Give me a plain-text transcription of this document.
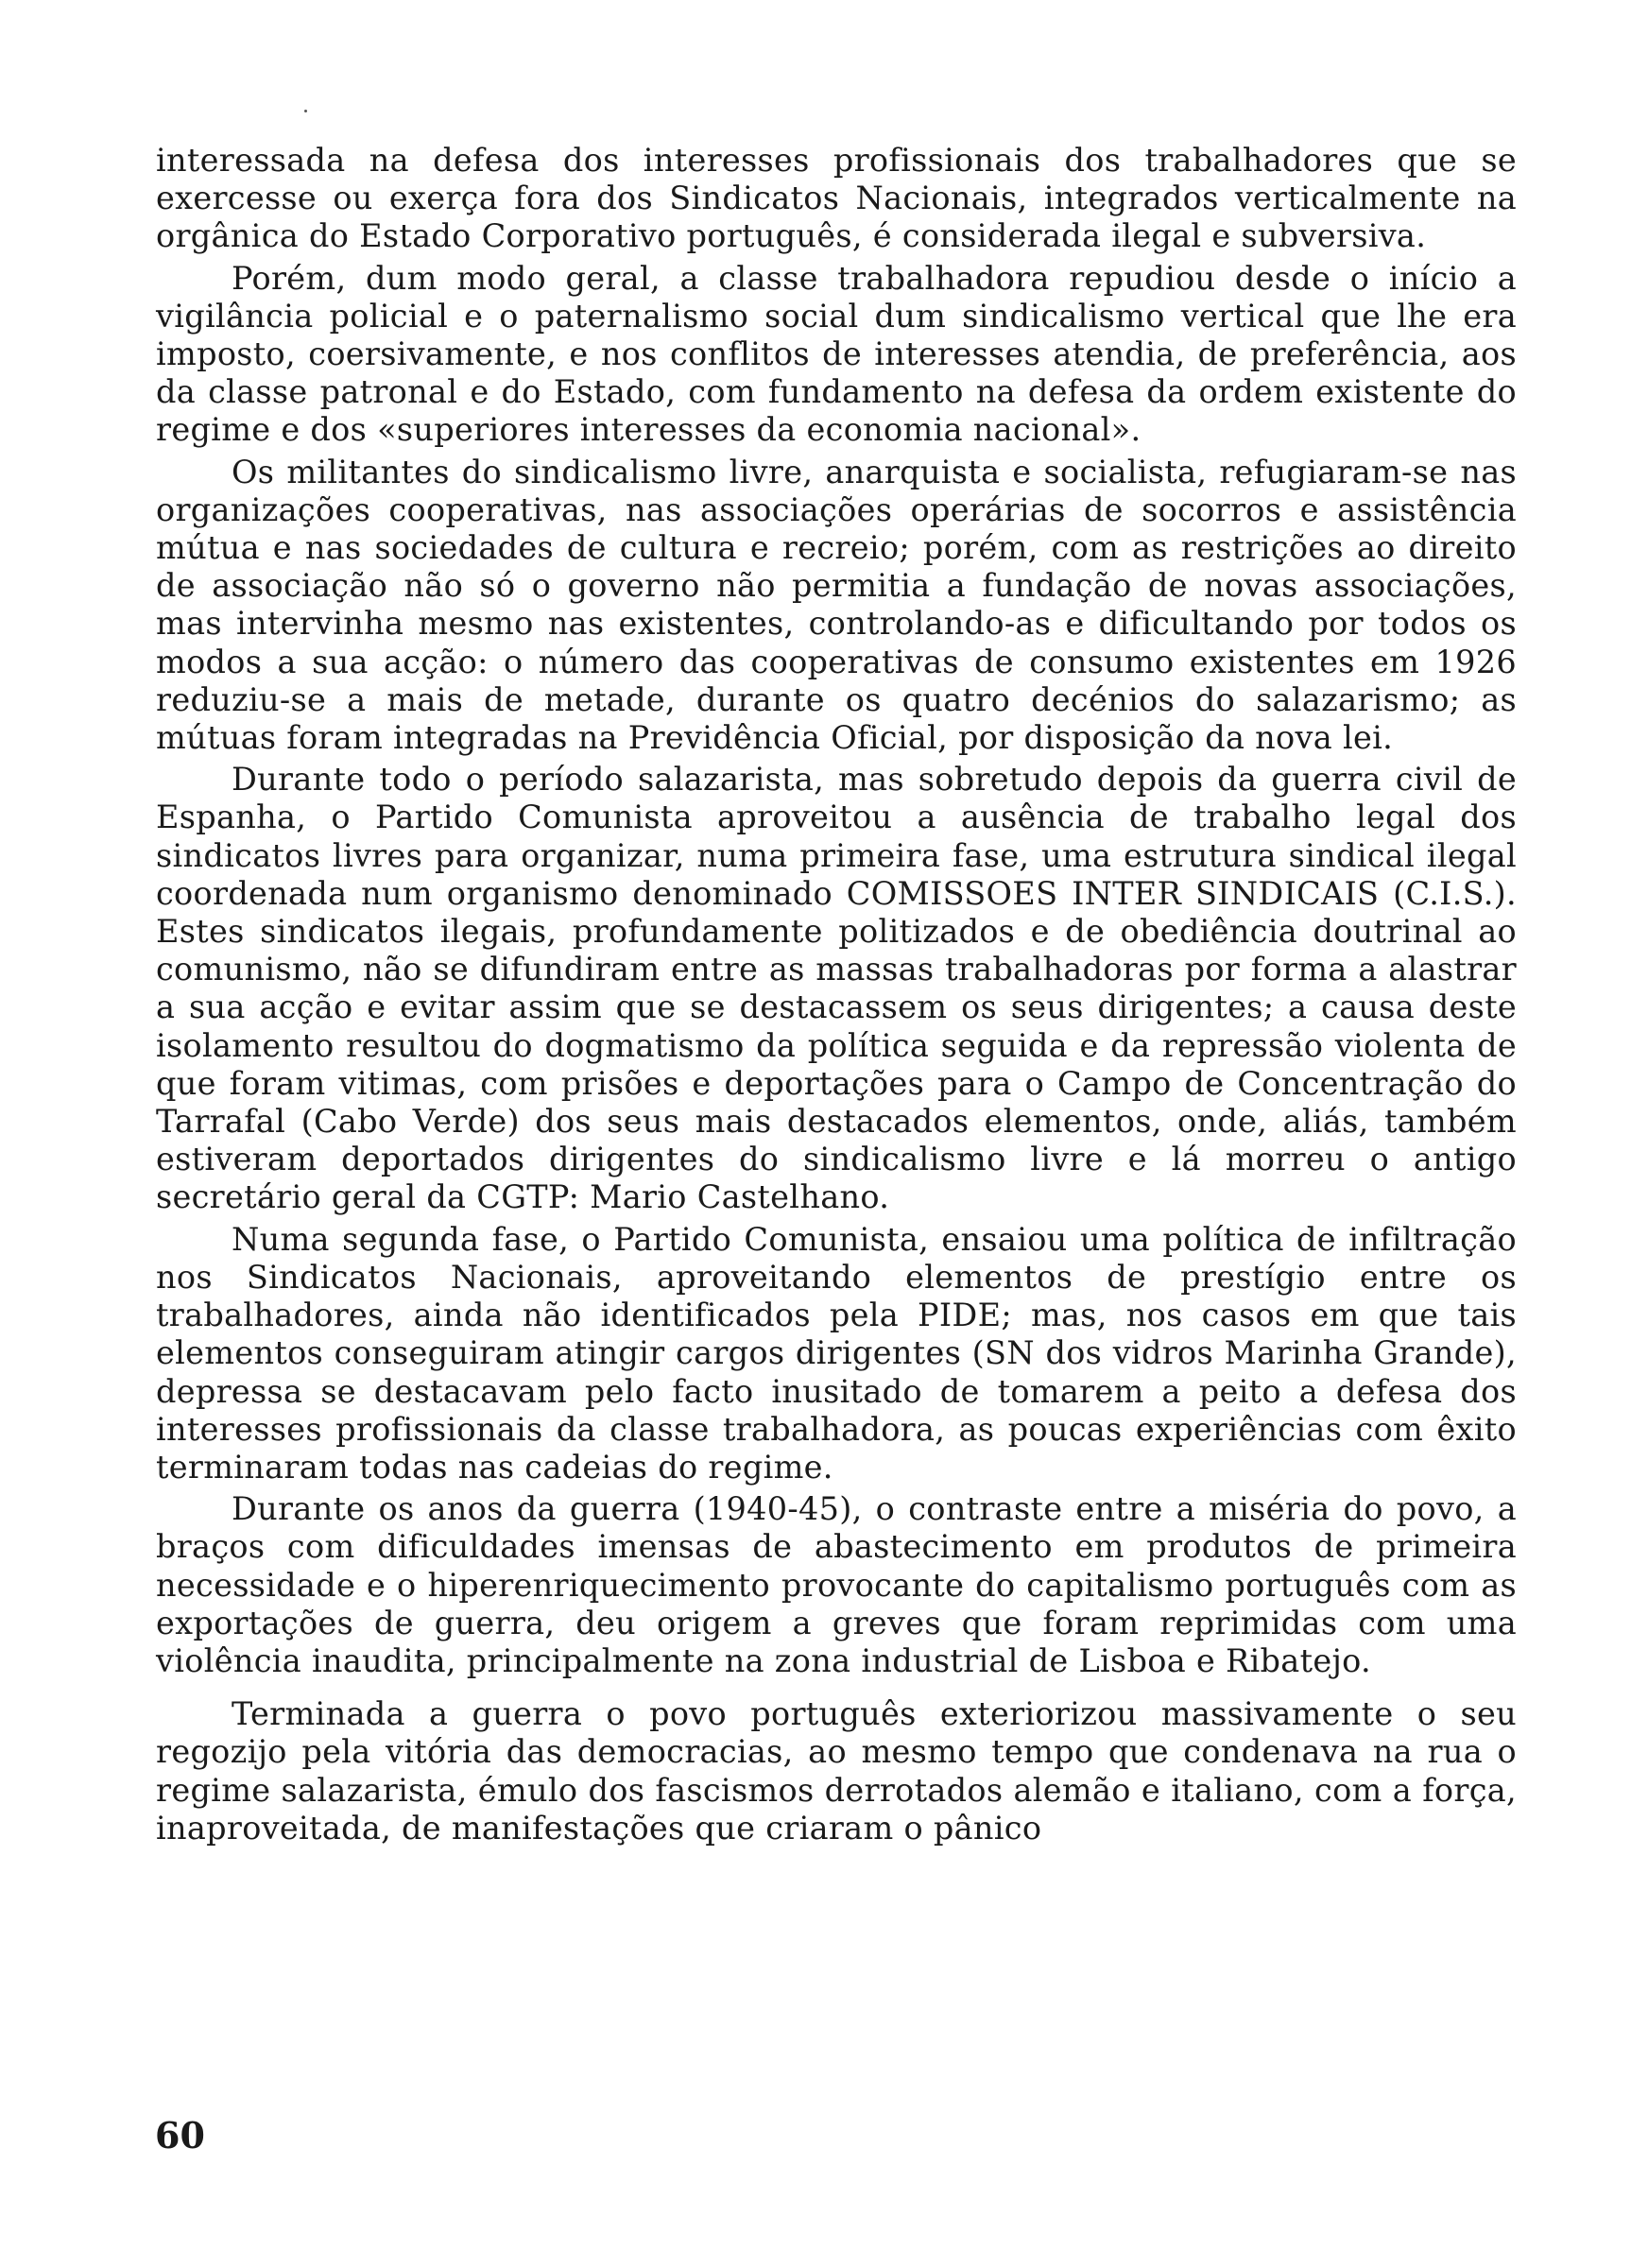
interessada na defesa dos interesses profissionais dos trabalhadores que se exercesse ou exerça fora dos Sindicatos Nacionais, integrados verticalmente na orgânica do Estado Corporativo português, é considerada ilegal e subversiva.

Porém, dum modo geral, a classe trabalhadora repudiou desde o início a vigilância policial e o paternalismo social dum sindicalismo vertical que lhe era imposto, coersivamente, e nos conflitos de interesses atendia, de preferência, aos da classe patronal e do Estado, com fundamento na defesa da ordem existente do regime e dos «superiores interesses da economia nacional».

Os militantes do sindicalismo livre, anarquista e socialista, refugiaram-se nas organizações cooperativas, nas associações operárias de socorros e assistência mútua e nas sociedades de cultura e recreio; porém, com as restrições ao direito de associação não só o governo não permitia a fundação de novas associações, mas intervinha mesmo nas existentes, controlando-as e dificultando por todos os modos a sua acção: o número das cooperativas de consumo existentes em 1926 reduziu-se a mais de metade, durante os quatro decénios do salazarismo; as mútuas foram integradas na Previdência Oficial, por disposição da nova lei.

Durante todo o período salazarista, mas sobretudo depois da guerra civil de Espanha, o Partido Comunista aproveitou a ausência de trabalho legal dos sindicatos livres para organizar, numa primeira fase, uma estrutura sindical ilegal coordenada num organismo denominado COMISSOES INTER SINDICAIS (C.I.S.). Estes sindicatos ilegais, profundamente politizados e de obediência doutrinal ao comunismo, não se difundiram entre as massas trabalhadoras por forma a alastrar a sua acção e evitar assim que se destacassem os seus dirigentes; a causa deste isolamento resultou do dogmatismo da política seguida e da repressão violenta de que foram vitimas, com prisões e deportações para o Campo de Concentração do Tarrafal (Cabo Verde) dos seus mais destacados elementos, onde, aliás, também estiveram deportados dirigentes do sindicalismo livre e lá morreu o antigo secretário geral da CGTP: Mario Castelhano.

Numa segunda fase, o Partido Comunista, ensaiou uma política de infiltração nos Sindicatos Nacionais, aproveitando elementos de prestígio entre os trabalhadores, ainda não identificados pela PIDE; mas, nos casos em que tais elementos conseguiram atingir cargos dirigentes (SN dos vidros Marinha Grande), depressa se destacavam pelo facto inusitado de tomarem a peito a defesa dos interesses profissionais da classe trabalhadora, as poucas experiências com êxito terminaram todas nas cadeias do regime.

Durante os anos da guerra (1940-45), o contraste entre a miséria do povo, a braços com dificuldades imensas de abastecimento em produtos de primeira necessidade e o hiperenriquecimento provocante do capitalismo português com as exportações de guerra, deu origem a greves que foram reprimidas com uma violência inaudita, principalmente na zona industrial de Lisboa e Ribatejo.

Terminada a guerra o povo português exteriorizou massivamente o seu regozijo pela vitória das democracias, ao mesmo tempo que condenava na rua o regime salazarista, émulo dos fascismos derrotados alemão e italiano, com a força, inaproveitada, de manifestações que criaram o pânico

60
